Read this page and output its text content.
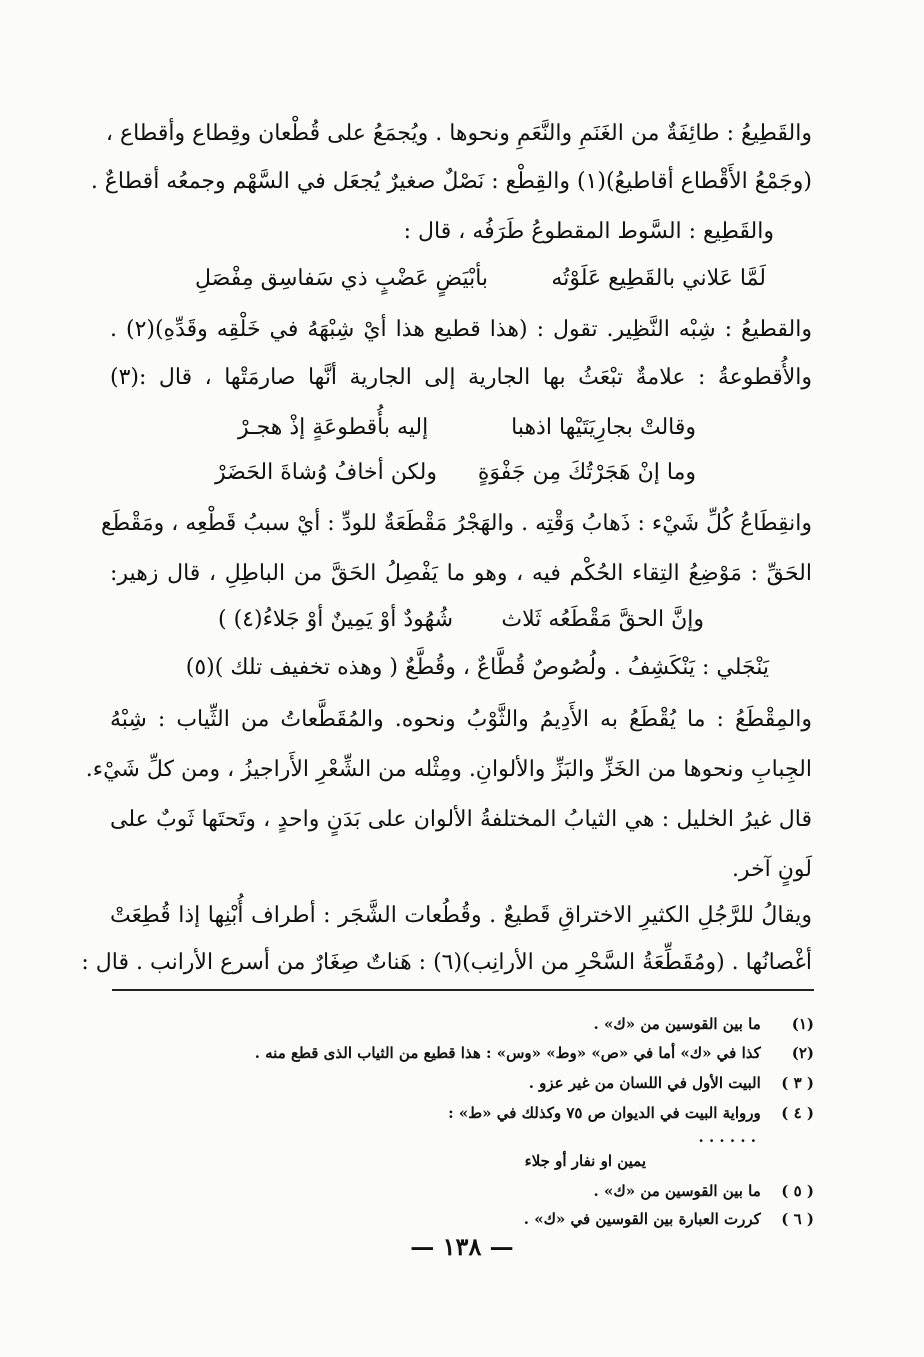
والقَطِيعُ : طائِفَةٌ من الغَنَمِ والنَّعَمِ ونحوها . ويُجمَعُ على قُطْعان وقِطاع وأقطاع ،
(وجَمْعُ الأَقْطاع أقاطيعُ)(١) والقِطْع : نَصْلٌ صغيرٌ يُجعَل في السَّهْم وجمعُه أقطاعٌ .
والقَطِيع : السَّوط المقطوعُ طَرَفُه ، قال :
لَمَّا عَلاني بالقَطِيع عَلَوْتُه
بأبْيَضٍ عَضْبٍ ذي سَفاسِق مِفْصَلِ
والقطيعُ : شِبْه النَّظِير. تقول : (هذا قطيع هذا أيْ شِبْهَهُ في خَلْقِه وقَدِّهِ)(٢) .
والأُقطوعةُ : علامةٌ تبْعَثُ بها الجارية إلى الجارية أنَّها صارمَتْها ، قال :(٣)
وقالتْ بجارِيَتَيْها اذهبا
إليه بأُقطوعَةٍ إذْ هجـرْ
وما إنْ هَجَرْتُكَ مِن جَفْوَةٍ
ولكن أخافُ وُشاةَ الحَضَرْ
وانقِطَاعُ كُلِّ شَيْء : ذَهابُ وَقْتِه . والهَجْرُ مَقْطَعَةٌ للودِّ : أيْ سببُ قَطْعِه ، ومَقْطَع
الحَقِّ : مَوْضِعُ التِقاء الحُكْم فيه ، وهو ما يَفْصِلُ الحَقَّ من الباطِلِ ، قال زهير:
وإنَّ الحقَّ مَقْطَعُه ثَلاث
شُهُودٌ أوْ يَمِينٌ أوْ جَلاءُ(٤) )
يَنْجَلي : يَنْكَشِفُ . ولُصُوصٌ قُطَّاعٌ ، وقُطَّعٌ ( وهذه تخفيف تلك )(٥)
والمِقْطَعُ : ما يُقْطَعُ به الأَدِيمُ والثَّوْبُ ونحوه. والمُقَطَّعاتُ من الثِّياب : شِبْهُ
الجِبابِ ونحوها من الخَزِّ والبَزِّ والألوانِ. ومِثْله من الشِّعْرِ الأَراجيزُ ، ومن كلِّ شَيْء.
قال غيرُ الخليل : هي الثيابُ المختلفةُ الألوان على بَدَنٍ واحدٍ ، وتَحتَها ثَوبٌ على
لَونٍ آخر.
ويقالُ للرَّجُلِ الكثيرِ الاختراقِ قَطيعٌ . وقُطُعات الشَّجَر : أطراف أُبْنِها إذا قُطِعَتْ
أغْصانُها . (ومُقَطِّعَةُ السَّحْرِ من الأرانِب)(٦) : هَناتٌ صِغَارٌ من أسرع الأرانب . قال :
(١) ما بين القوسين من «ك» .
(٢) كذا في «ك» أما في «ص» «وط» «وس» : هذا قطيع من الثياب الذى قطع منه .
( ٣ ) البيت الأول في اللسان من غير عزو .
( ٤ ) ورواية البيت في الديوان ص ٧٥ وكذلك في «ط» :
. . . . . .
يمين او نفار أو جلاء
( ٥ ) ما بين القوسين من «ك» .
( ٦ ) كررت العبارة بين القوسين في «ك» .
— ١٣٨ —
